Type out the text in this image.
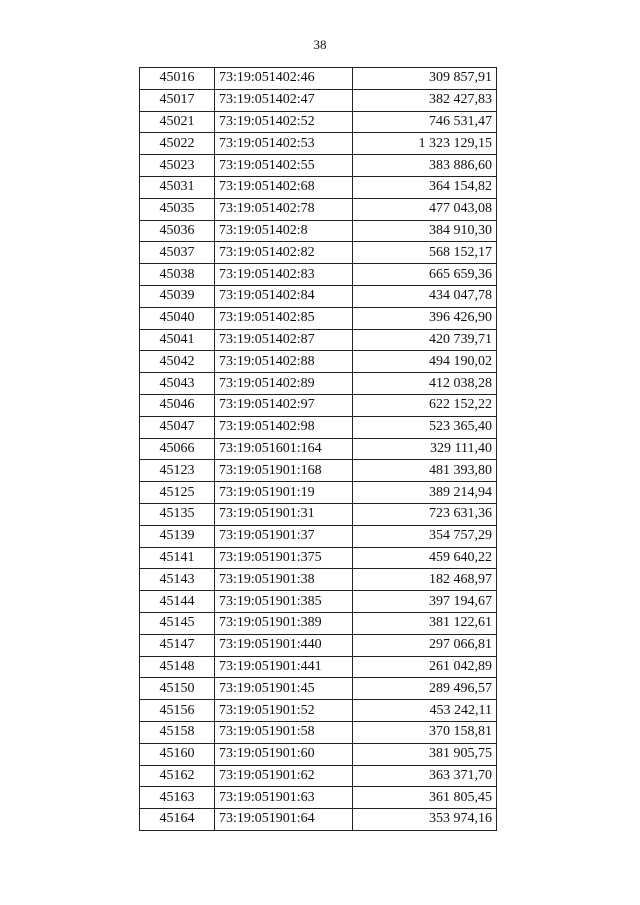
38
45016	73:19:051402:46	309 857,91
45017	73:19:051402:47	382 427,83
45021	73:19:051402:52	746 531,47
45022	73:19:051402:53	1 323 129,15
45023	73:19:051402:55	383 886,60
45031	73:19:051402:68	364 154,82
45035	73:19:051402:78	477 043,08
45036	73:19:051402:8	384 910,30
45037	73:19:051402:82	568 152,17
45038	73:19:051402:83	665 659,36
45039	73:19:051402:84	434 047,78
45040	73:19:051402:85	396 426,90
45041	73:19:051402:87	420 739,71
45042	73:19:051402:88	494 190,02
45043	73:19:051402:89	412 038,28
45046	73:19:051402:97	622 152,22
45047	73:19:051402:98	523 365,40
45066	73:19:051601:164	329 111,40
45123	73:19:051901:168	481 393,80
45125	73:19:051901:19	389 214,94
45135	73:19:051901:31	723 631,36
45139	73:19:051901:37	354 757,29
45141	73:19:051901:375	459 640,22
45143	73:19:051901:38	182 468,97
45144	73:19:051901:385	397 194,67
45145	73:19:051901:389	381 122,61
45147	73:19:051901:440	297 066,81
45148	73:19:051901:441	261 042,89
45150	73:19:051901:45	289 496,57
45156	73:19:051901:52	453 242,11
45158	73:19:051901:58	370 158,81
45160	73:19:051901:60	381 905,75
45162	73:19:051901:62	363 371,70
45163	73:19:051901:63	361 805,45
45164	73:19:051901:64	353 974,16
